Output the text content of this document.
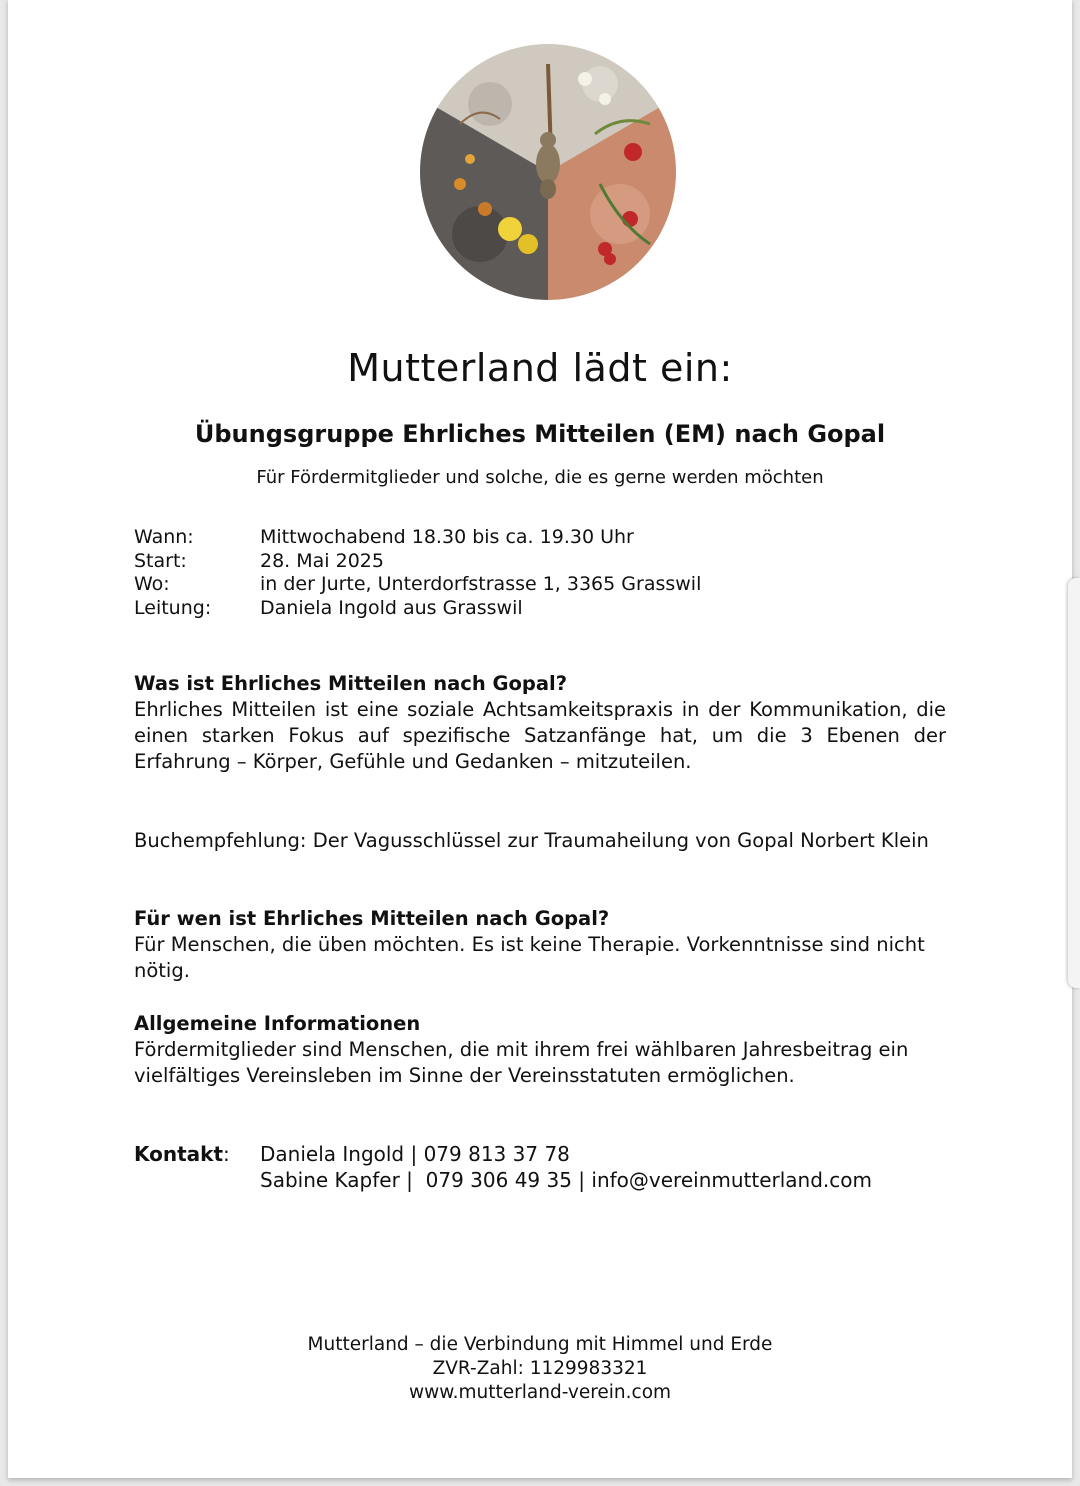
Mutterland lädt ein:
Übungsgruppe Ehrliches Mitteilen (EM) nach Gopal
Für Fördermitglieder und solche, die es gerne werden möchten
Wann:	Mittwochabend 18.30 bis ca. 19.30 Uhr
Start:	28. Mai 2025
Wo:	in der Jurte, Unterdorfstrasse 1, 3365 Grasswil
Leitung:	Daniela Ingold aus Grasswil
Was ist Ehrliches Mitteilen nach Gopal?

Ehrliches Mitteilen ist eine soziale Achtsamkeitspraxis in der Kommunikation, die einen starken Fokus auf spezifische Satzanfänge hat, um die 3 Ebenen der Erfahrung – Körper, Gefühle und Gedanken – mitzuteilen.

Buchempfehlung: Der Vagusschlüssel zur Traumaheilung von Gopal Norbert Klein

Für wen ist Ehrliches Mitteilen nach Gopal?

Für Menschen, die üben möchten. Es ist keine Therapie. Vorkenntnisse sind nicht nötig.

Allgemeine Informationen

Fördermitglieder sind Menschen, die mit ihrem frei wählbaren Jahresbeitrag ein vielfältiges Vereinsleben im Sinne der Vereinsstatuten ermöglichen.

Kontakt:	Daniela Ingold | 079 813 37 78
Sabine Kapfer |  079 306 49 35 | info@vereinmutterland.com
Mutterland – die Verbindung mit Himmel und Erde
ZVR-Zahl: 1129983321
www.mutterland-verein.com
